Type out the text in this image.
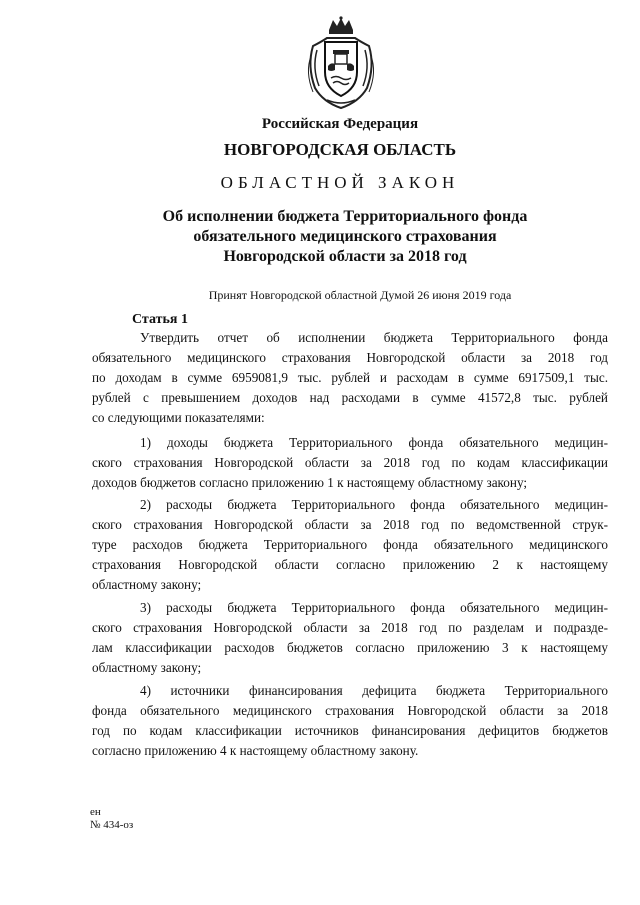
Российская Федерация
НОВГОРОДСКАЯ ОБЛАСТЬ
ОБЛАСТНОЙ ЗАКОН
Об исполнении бюджета Территориального фонда
обязательного медицинского страхования
Новгородской области за 2018 год
Принят Новгородской областной Думой 26 июня 2019 года
Статья 1
Утвердить отчет об исполнении бюджета Территориального фонда
обязательного медицинского страхования Новгородской области за 2018 год
по доходам в сумме 6959081,9 тыс. рублей и расходам в сумме 6917509,1 тыс.
рублей с превышением доходов над расходами в сумме 41572,8 тыс. рублей
со следующими показателями:
1) доходы бюджета Территориального фонда обязательного медицин-
ского страхования Новгородской области за 2018 год по кодам классификации
доходов бюджетов согласно приложению 1 к настоящему областному закону;
2) расходы бюджета Территориального фонда обязательного медицин-
ского страхования Новгородской области за 2018 год по ведомственной струк-
туре расходов бюджета Территориального фонда обязательного медицинского
страхования Новгородской области согласно приложению 2 к настоящему
областному закону;
3) расходы бюджета Территориального фонда обязательного медицин-
ского страхования Новгородской области за 2018 год по разделам и подразде-
лам классификации расходов бюджетов согласно приложению 3 к настоящему
областному закону;
4) источники финансирования дефицита бюджета Территориального
фонда обязательного медицинского страхования Новгородской области за 2018
год по кодам классификации источников финансирования дефицитов бюджетов
согласно приложению 4 к настоящему областному закону.
ен
№ 434-оз
